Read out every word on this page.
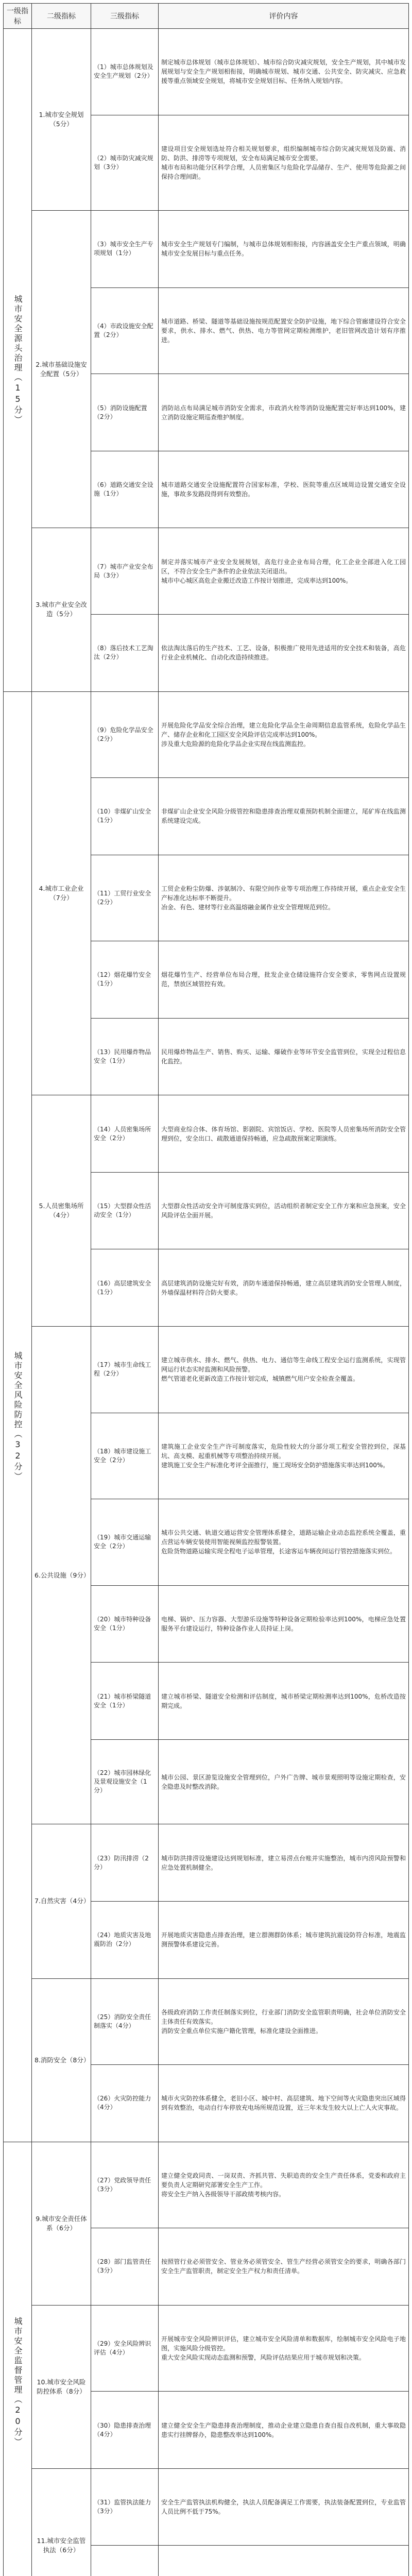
一级指标	二级指标	三级指标	评价内容

城市安全源头治理（15分）	1.城市安全规划（5分）	（1）城市总体规划及安全生产规划（2分）	制定城市总体规划（城市总体规划）、城市综合防灾减灾规划，安全生产规划，其中城市发展规划与安全生产规划相衔接，明确城市规划、城市交通、公共安全、防灾减灾、应急救援等重点领域安全规划，将城市安全规划目标、任务纳入规划内容。

		（2）城市防灾减灾规划（3分）	建设项目安全规划选址符合相关规划要求，组织编制城市综合防灾减灾规划及防震、消防、防洪、排涝等专项规划，安全布局满足城市安全需要。
城市布局和功能分区科学合理，人员密集区与危险化学品储存、生产、使用等危险源之间保持合理间距。

	2.城市基础设施安全配置（5分）	（3）城市安全生产专项规划（1分）	城市安全生产规划专门编制，与城市总体规划相衔接，内容涵盖安全生产重点领域，明确城市安全发展目标与重点任务。

		（4）市政设施安全配置（2分）	城市道路、桥梁、隧道等基础设施按规范配置安全防护设施，地下综合管廊建设符合安全要求，供水、排水、燃气、供热、电力等管网定期检测维护，老旧管网改造计划有序推进。

		（5）消防设施配置（2分）	消防站点布局满足城市消防安全需求，市政消火栓等消防设施配置完好率达到100%，建立消防设施定期巡查维护制度。

		（6）道路交通安全设施（1分）	城市道路交通安全设施配置符合国家标准，学校、医院等重点区域周边设置交通安全设施，事故多发路段得到有效整治。

	3.城市产业安全改造（5分）	（7）城市产业安全布局（3分）	制定并落实城市产业安全发展规划，高危行业企业布局合理，化工企业全部进入化工园区，不符合安全生产条件的企业依法关闭退出。
城市中心城区高危企业搬迁改造工作按计划推进，完成率达到100%。

		（8）落后技术工艺淘汰（2分）	依法淘汰落后的生产技术、工艺、设备，积极推广使用先进适用的安全技术和装备，高危行业企业机械化、自动化改造持续推进。

城市安全风险防控（32分）	4.城市工业企业（7分）	（9）危险化学品安全（2分）	开展危险化学品安全综合治理，建立危险化学品全生命周期信息监管系统，危险化学品生产、储存企业和化工园区安全风险评估完成率达到100%。
涉及重大危险源的危险化学品企业实现在线监测监控。

		（10）非煤矿山安全（1分）	非煤矿山企业安全风险分级管控和隐患排查治理双重预防机制全面建立，尾矿库在线监测系统建设完成。

		（11）工贸行业安全（2分）	工贸企业粉尘防爆、涉氨制冷、有限空间作业等专项治理工作持续开展，重点企业安全生产标准化达标率不断提升。
冶金、有色、建材等行业高温熔融金属作业安全管理规范到位。

		（12）烟花爆竹安全（1分）	烟花爆竹生产、经营单位布局合理，批发企业仓储设施符合安全要求，零售网点设置规范，禁放区域管控有效。

		（13）民用爆炸物品安全（1分）	民用爆炸物品生产、销售、购买、运输、爆破作业等环节安全监管到位，实现全过程信息化监控。

	5.人员密集场所（4分）	（14）人员密集场所安全（2分）	大型商业综合体、体育场馆、影剧院、宾馆饭店、学校、医院等人员密集场所消防安全管理到位，安全出口、疏散通道保持畅通，应急疏散预案定期演练。

		（15）大型群众性活动安全（1分）	大型群众性活动安全许可制度落实到位，活动组织者制定安全工作方案和应急预案，安全风险评估全面开展。

		（16）高层建筑安全（1分）	高层建筑消防设施完好有效，消防车通道保持畅通，建立高层建筑消防安全管理人制度，外墙保温材料符合防火要求。

	6.公共设施（9分）	（17）城市生命线工程（2分）	建立城市供水、排水、燃气、供热、电力、通信等生命线工程安全运行监测系统，实现管网运行状态实时监测和风险预警。
燃气管道老化更新改造工作按计划完成，城镇燃气用户安全检查全覆盖。

		（18）城市建设施工安全（2分）	建筑施工企业安全生产许可制度落实，危险性较大的分部分项工程安全管控到位，深基坑、高支模、起重机械等专项整治持续开展。
建筑施工安全生产标准化考评全面推行，施工现场安全防护措施落实率达到100%。

		（19）城市交通运输安全（2分）	城市公共交通、轨道交通运营安全管理体系健全，道路运输企业动态监控系统全覆盖，重点营运车辆安装使用智能视频监控报警装置。
危险货物道路运输实现全程电子运单管理，长途客运车辆夜间运行管控措施落实到位。

		（20）城市特种设备安全（1分）	电梯、锅炉、压力容器、大型游乐设施等特种设备定期检验率达到100%，电梯应急处置服务平台建设运行，特种设备作业人员持证上岗。

		（21）城市桥梁隧道安全（1分）	建立城市桥梁、隧道安全检测和评估制度，城市桥梁定期检测率达到100%，危桥改造按期完成。

		（22）城市园林绿化及景观设施安全（1分）	城市公园、景区游览设施安全管理到位，户外广告牌、城市景观照明等设施定期检查，安全隐患及时整改消除。

	7.自然灾害（4分）	（23）防汛排涝（2分）	城市防洪排涝设施建设达到规划标准，建立易涝点台账并实施整治，城市内涝风险预警和应急处置机制健全。

		（24）地质灾害及地震防治（2分）	开展地质灾害隐患点排查治理，建立群测群防体系；城市建筑抗震设防符合标准，地震监测预警体系建设完善。

	8.消防安全（8分）	（25）消防安全责任制落实（4分）	各级政府消防工作责任制落实到位，行业部门消防安全监管职责明确，社会单位消防安全主体责任有效落实。
消防安全重点单位实施户籍化管理，标准化建设全面推进。

		（26）火灾防控能力（4分）	城市火灾防控体系健全，老旧小区、城中村、高层建筑、地下空间等火灾隐患突出区域得到有效整治，电动自行车停放充电场所规范设置，近三年未发生较大以上亡人火灾事故。

城市安全监督管理（20分）	9.城市安全责任体系（6分）	（27）党政领导责任（3分）	建立健全党政同责、一岗双责、齐抓共管、失职追责的安全生产责任体系，党委和政府主要负责人定期研究部署安全生产工作。
将安全生产纳入各级领导干部政绩考核内容。

		（28）部门监管责任（3分）	按照管行业必须管安全、管业务必须管安全、管生产经营必须管安全的要求，明确各部门安全生产监管职责，制定安全生产权力和责任清单。

	10.城市安全风险防控体系（8分）	（29）安全风险辨识评估（4分）	开展城市安全风险辨识评估，建立城市安全风险清单和数据库，绘制城市安全风险电子地图，实施风险分级管控。
重大安全风险实现动态监测和预警，风险评估结果应用于城市规划和决策。

		（30）隐患排查治理（4分）	建立健全安全生产隐患排查治理制度，推动企业建立隐患自查自报自改机制，重大事故隐患实行挂牌督办，隐患整改率达到100%。

	11.城市安全监管执法（6分）	（31）监管执法能力（3分）	安全生产监管执法机构健全，执法人员配备满足工作需要，执法装备配置到位，专业监管人员比例不低于75%。
